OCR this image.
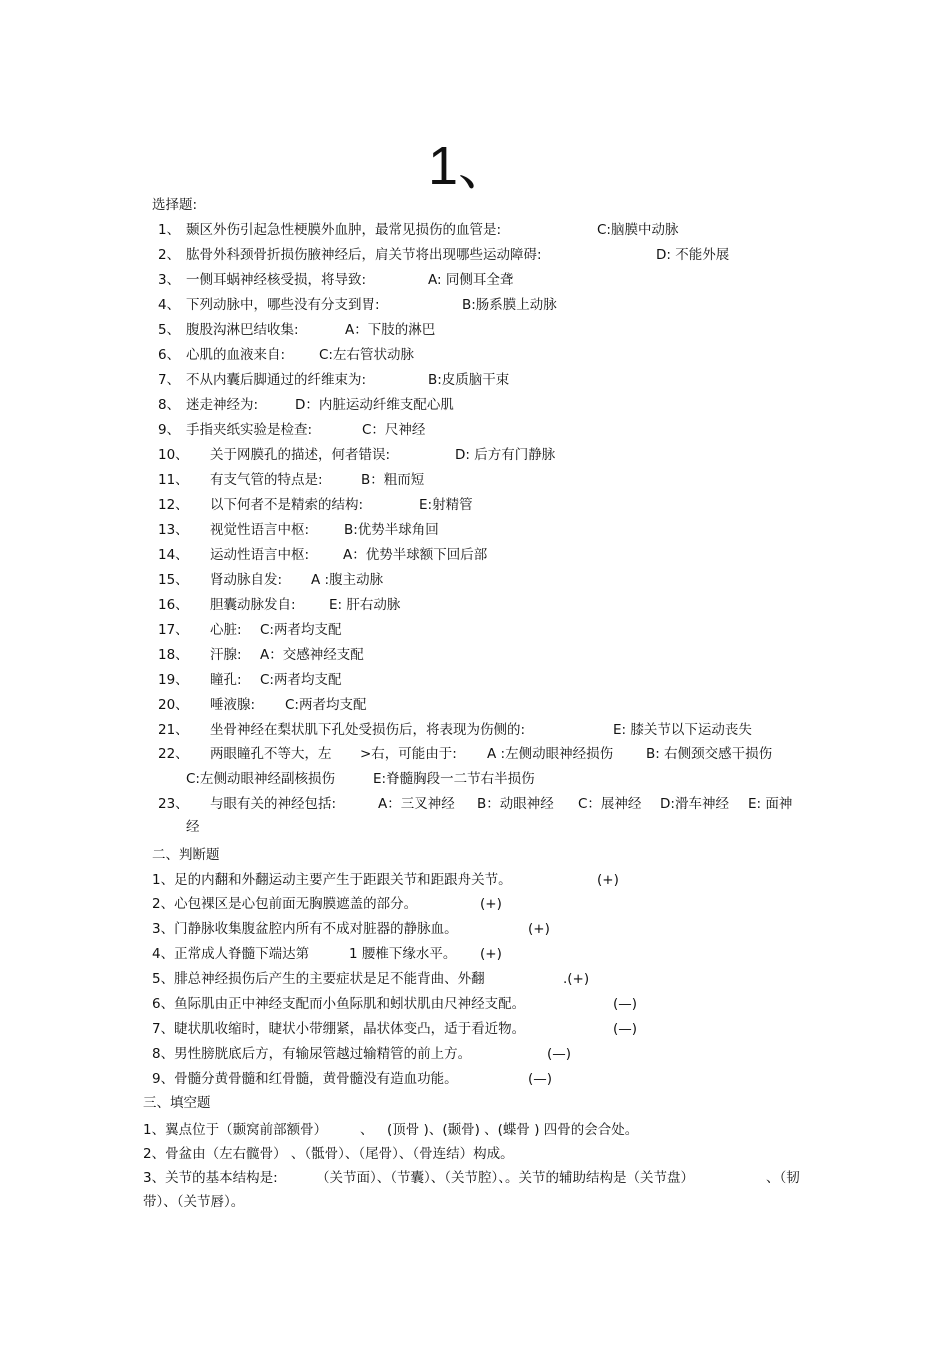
1、
选择题:
1、 颞区外伤引起急性梗膜外血肿，最常见损伤的血管是:	C:脑膜中动脉
2、 肱骨外科颈骨折损伤腋神经后，肩关节将出现哪些运动障碍:	D: 不能外展
3、 一侧耳蜗神经核受损，将导致:	A: 同侧耳全聋
4、 下列动脉中，哪些没有分支到胃:	B:肠系膜上动脉
5、 腹股沟淋巴结收集:	A：下肢的淋巴
6、 心肌的血液来自:	C:左右管状动脉
7、 不从内囊后脚通过的纤维束为:	B:皮质脑干束
8、 迷走神经为:	D：内脏运动纤维支配心肌
9、 手指夹纸实验是检查:	C：尺神经
10、 关于网膜孔的描述，何者错误:	D: 后方有门静脉
11、 有支气管的特点是:	B：粗而短
12、 以下何者不是精索的结构:	E:射精管
13、 视觉性语言中枢:	B:优势半球角回
14、 运动性语言中枢:	A：优势半球额下回后部
15、 肾动脉自发: A :腹主动脉
16、 胆囊动脉发自: E: 肝右动脉
17、 心脏: C:两者均支配
18、 汗腺: A：交感神经支配
19、 瞳孔: C:两者均支配
20、 唾液腺: C:两者均支配
21、 坐骨神经在梨状肌下孔处受损伤后，将表现为伤侧的:	E: 膝关节以下运动丧失
22、 两眼瞳孔不等大，左 >右，可能由于: A :左侧动眼神经损伤 B: 右侧颈交感干损伤
C:左侧动眼神经副核损伤	E:脊髓胸段一二节右半损伤
23、 与眼有关的神经包括:	A：三叉神经 B：动眼神经 C：展神经 D:滑车神经 E: 面神
经
二、判断题
1、足的内翻和外翻运动主要产生于距跟关节和距跟舟关节。	(+)
2、心包裸区是心包前面无胸膜遮盖的部分。	(+)
3、门静脉收集腹盆腔内所有不成对脏器的静脉血。	(+)
4、正常成人脊髓下端达第	1 腰椎下缘水平。 (+)
5、腓总神经损伤后产生的主要症状是足不能背曲、外翻	.(+)
6、鱼际肌由正中神经支配而小鱼际肌和蚓状肌由尺神经支配。	(—)
7、睫状肌收缩时，睫状小带绷紧，晶状体变凸，适于看近物。	(—)
8、男性膀胱底后方，有输尿管越过输精管的前上方。	(—)
9、骨髓分黄骨髓和红骨髓，黄骨髓没有造血功能。	(—)
三、填空题
1、翼点位于（颞窝前部额骨） 、 (顶骨 )、(颞骨) 、(蝶骨 ) 四骨的会合处。
2、骨盆由（左右髋骨） 、（骶骨）、（尾骨）、（骨连结）构成。
3、关节的基本结构是:	（关节面）、（节囊）、（关节腔）、。关节的辅助结构是（关节盘）	、（韧
带）、（关节唇）。
